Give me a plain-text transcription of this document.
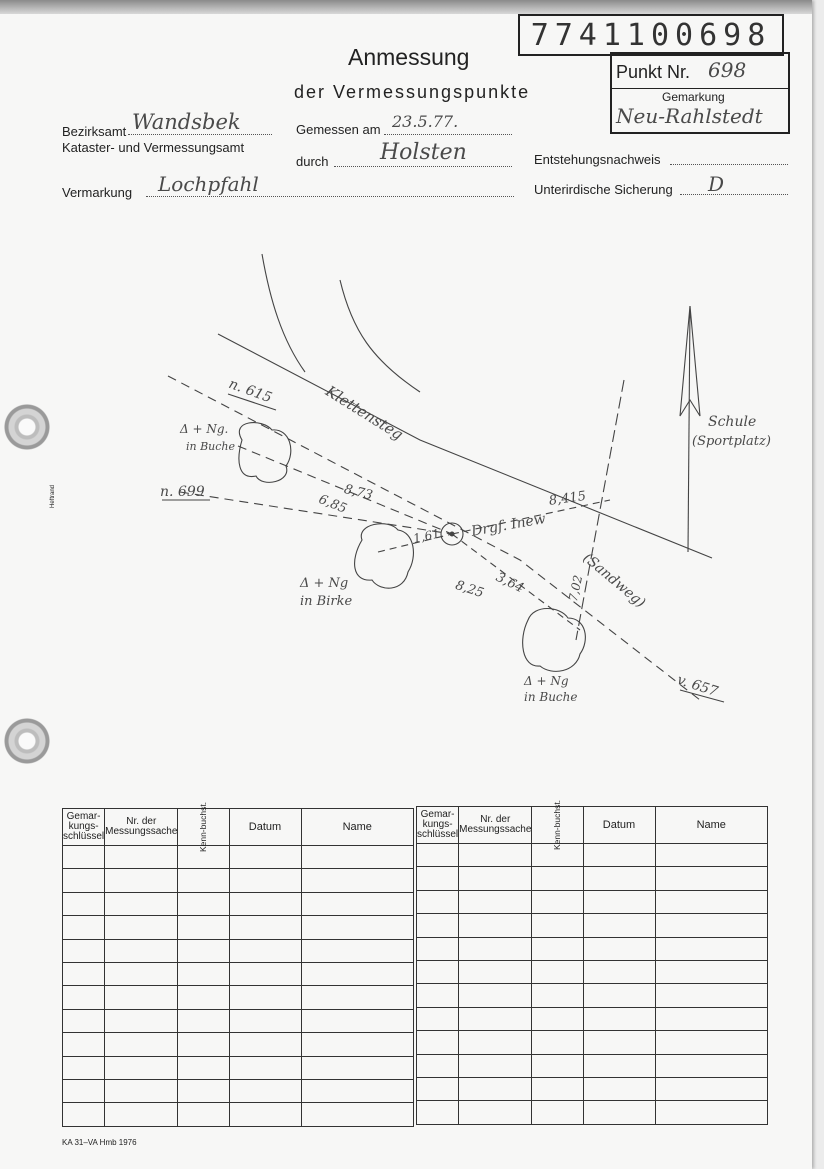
7741100698
Anmessung
der Vermessungspunkte
Punkt Nr. 698
Gemarkung
Neu-Rahlstedt
Bezirksamt Wandsbek
Kataster- und Vermessungsamt
Vermarkung Lochpfahl
Gemessen am 23.5.77.
durch Holsten	Entstehungsnachweis
Unterirdische Sicherung D
Heftrand
Klettensteg
(Sandweg)
Schule
(Sportplatz)
Drgf. Inew
n. 615
n. 699
v. 657
Δ + Ng.
in Buche
Δ + Ng
in Birke
Δ + Ng
in Buche
8,73
6,85
1,61
8,25 3,64	7,02
8,415
Gemar-kungs-schlüssel	Nr. der Messungssache	Kenn-buchst.	Datum	Name

Gemar-kungs-schlüssel	Nr. der Messungssache	Kenn-buchst.	Datum	Name

KA 31–VA Hmb 1976
